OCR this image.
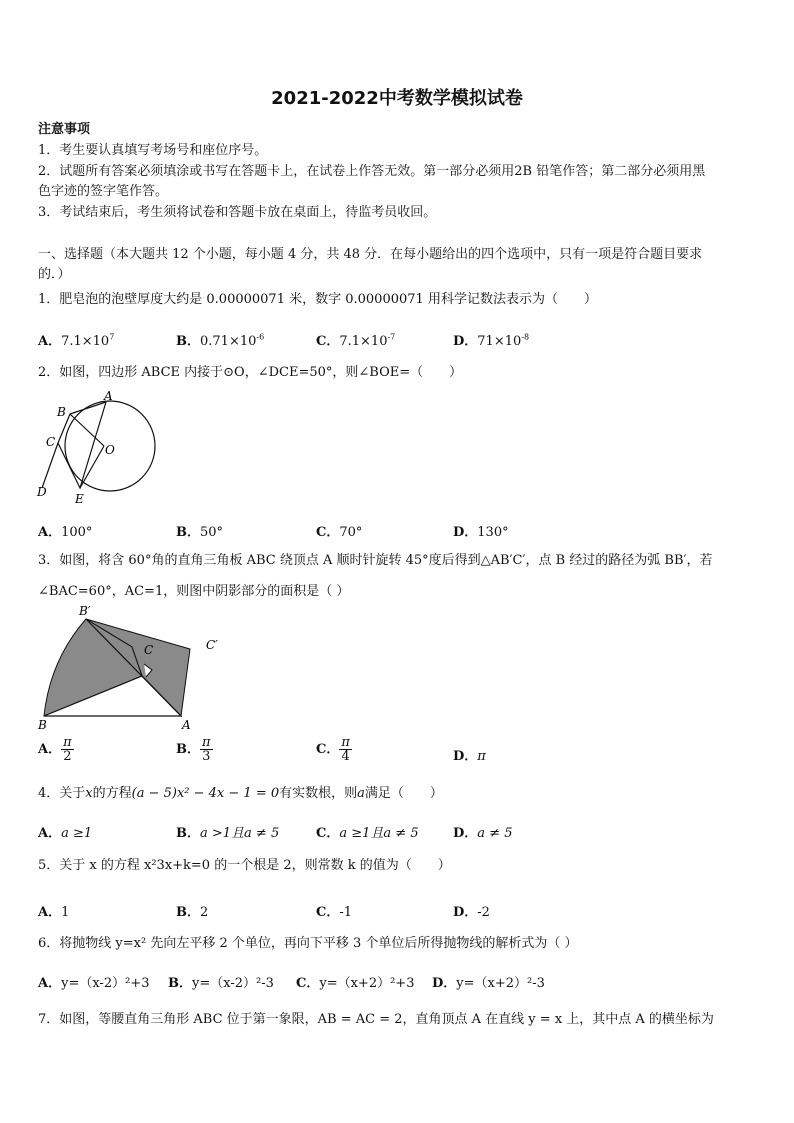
2021-2022中考数学模拟试卷
注意事项
1．考生要认真填写考场号和座位序号。
2．试题所有答案必须填涂或书写在答题卡上，在试卷上作答无效。第一部分必须用2B 铅笔作答；第二部分必须用黑
色字迹的签字笔作答。
3．考试结束后，考生须将试卷和答题卡放在桌面上，待监考员收回。
一、选择题（本大题共 12 个小题，每小题 4 分，共 48 分．在每小题给出的四个选项中，只有一项是符合题目要求
的．）
1．肥皂泡的泡壁厚度大约是 0.00000071 米，数字 0.00000071 用科学记数法表示为（　　）
A．$7.1\times 10^7$	B．$0.71\times 10^{-6}$	C．$7.1\times 10^{-7}$	D．$71\times 10^{-8}$
2．如图，四边形 ABCE 内接于⊙O，∠DCE=50°，则∠BOE=（　　）
A
B
C
D E
O
A．100°	B．50°	C．70°	D．130°
3．如图，将含 60°角的直角三角板 ABC 绕顶点 A 顺时针旋转 45°度后得到△AB′C′，点 B 经过的路径为弧 BB′，若
∠BAC=60°，AC=1，则图中阴影部分的面积是（ ）
B′
C′
C
B	A
A． $\frac{\pi}{2}$	B． $\frac{\pi}{3}$	C． $\frac{\pi}{4}$	D．π
4．关于x的方程(a − 5)x² − 4x − 1 = 0有实数根，则a满足（　　）
A．a ≥1	B．a >1且a ≠ 5	C．a ≥1且a ≠ 5	D．a ≠ 5
5．关于 x 的方程 x²3x+k=0 的一个根是 2，则常数 k 的值为（　　）
A．1	B．2	C．-1	D．-2
6．将抛物线 y=x² 先向左平移 2 个单位，再向下平移 3 个单位后所得抛物线的解析式为（ ）
A．y=（x-2）²+3 B．y=（x-2）²-3 C．y=（x+2）²+3 D．y=（x+2）²-3
7．如图，等腰直角三角形 ABC 位于第一象限，AB = AC = 2，直角顶点 A 在直线 y = x 上，其中点 A 的横坐标为
